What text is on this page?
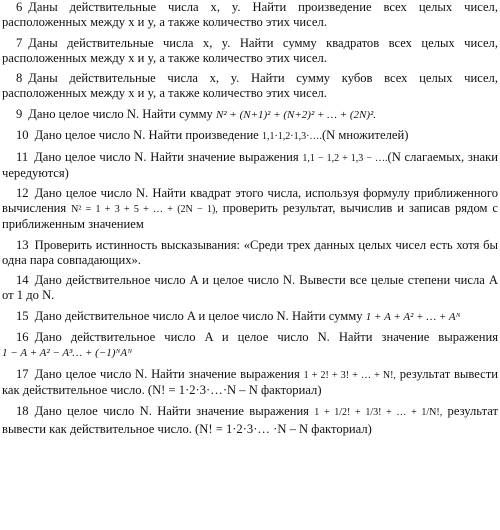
6 Даны действительные числа x, y. Найти произведение всех целых чисел, расположенных между x и y, а также количество этих чисел.

7 Даны действительные числа x, y. Найти сумму квадратов всех целых чисел, расположенных между x и y, а также количество этих чисел.

8 Даны действительные числа x, y. Найти сумму кубов всех целых чисел, расположенных между x и y, а также количество этих чисел.

9 Дано целое число N. Найти сумму N² + (N+1)² + (N+2)² + … + (2N)².

10 Дано целое число N. Найти произведение 1,1·1,2·1,3·….(N множителей)

11 Дано целое число N. Найти значение выражения 1,1 − 1,2 + 1,3 − ….(N слагаемых, знаки чередуются)

12 Дано целое число N. Найти квадрат этого числа, используя формулу приближенного вычисления N² = 1 + 3 + 5 + … + (2N − 1), проверить результат, вычислив и записав рядом с приближенным значением

13 Проверить истинность высказывания: «Среди трех данных целых чисел есть хотя бы одна пара совпадающих».

14 Дано действительное число A и целое число N. Вывести все целые степени числа A от 1 до N.

15 Дано действительное число A и целое число N. Найти сумму 1 + A + A² + … + Aᴺ

16 Дано действительное число A и целое число N. Найти значение выражения 1 − A + A² − A³… + (−1)ᴺAᴺ

17 Дано целое число N. Найти значение выражения 1 + 2! + 3! + … + N!, результат вывести как действительное число. (N! = 1·2·3·…·N – N факториал)

18 Дано целое число N. Найти значение выражения 1 + 1/2! + 1/3! + … + 1/N!, результат вывести как действительное число. (N! = 1·2·3·… ·N – N факториал)
